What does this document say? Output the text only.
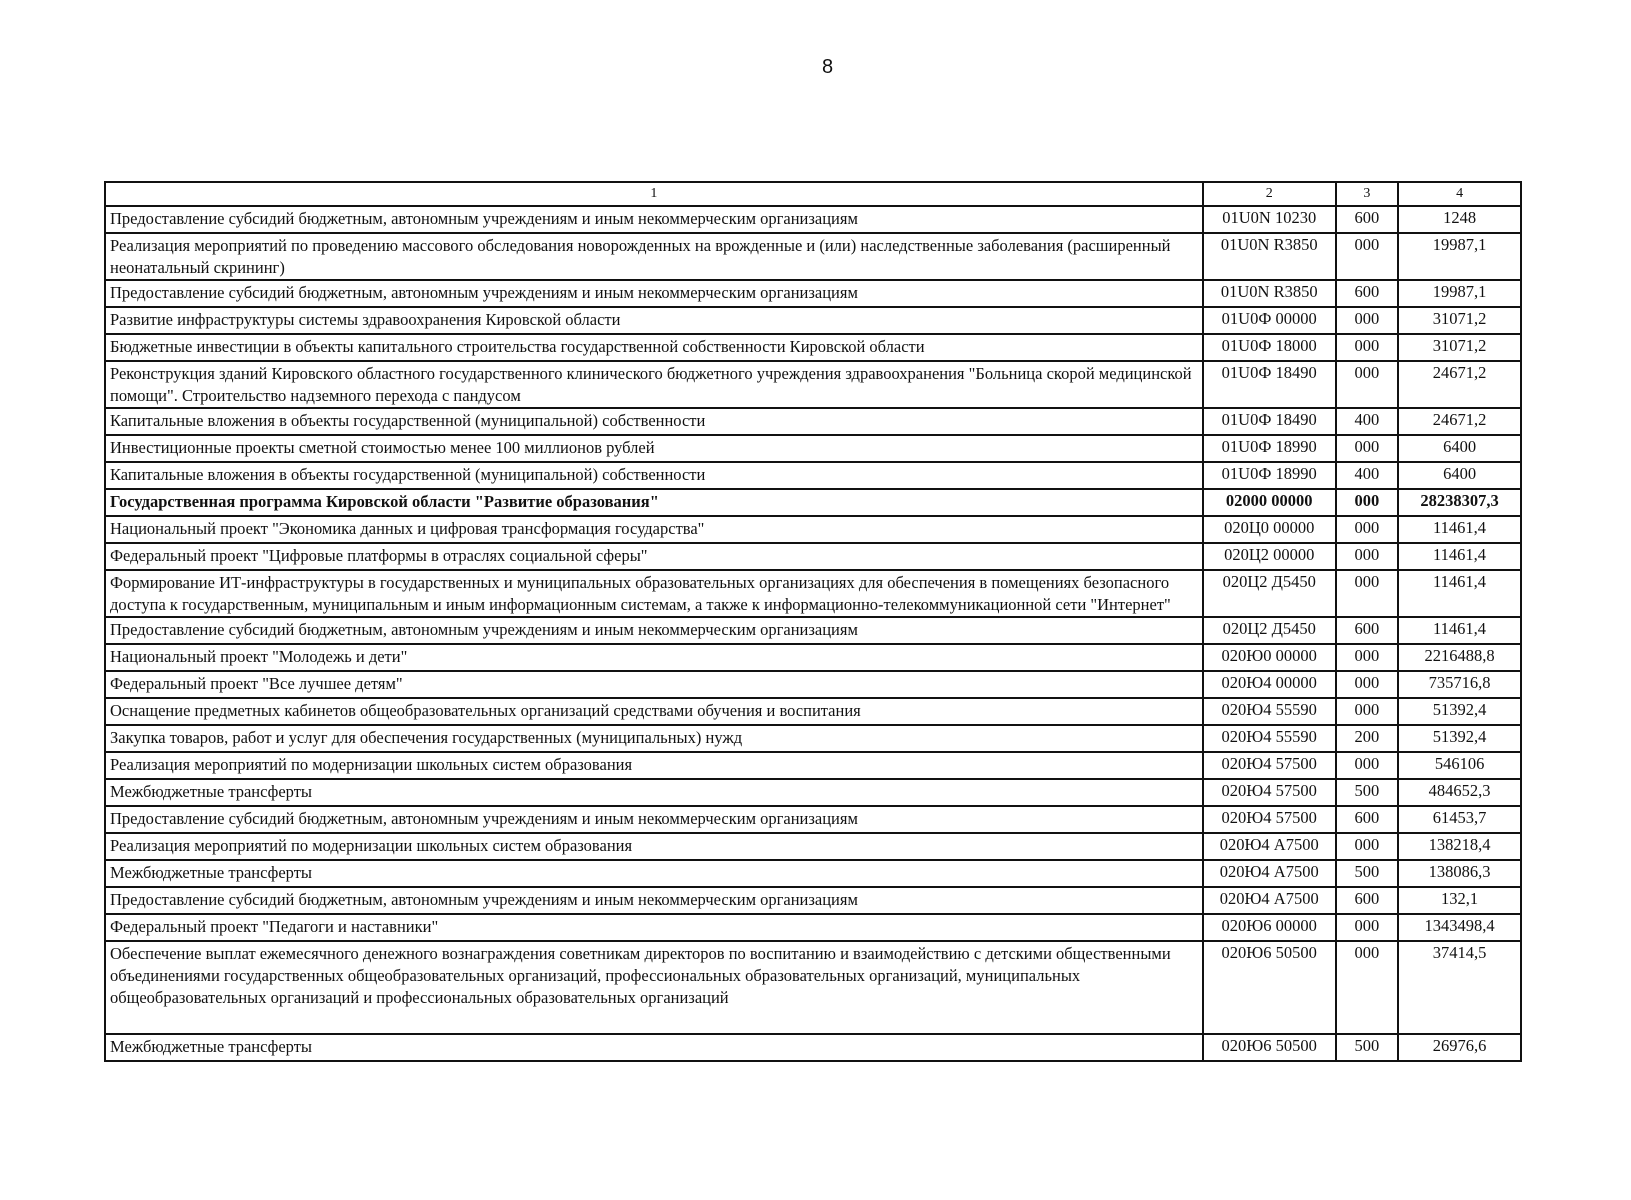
8
1	2	3	4
Предоставление субсидий бюджетным, автономным учреждениям и иным некоммерческим организациям	01U0N 10230	600	1248
Реализация мероприятий по проведению массового обследования новорожденных на врожденные и (или) наследственные заболевания (расширенный неонатальный скрининг)	01U0N R3850	000	19987,1
Предоставление субсидий бюджетным, автономным учреждениям и иным некоммерческим организациям	01U0N R3850	600	19987,1
Развитие инфраструктуры системы здравоохранения Кировской области	01U0Ф 00000	000	31071,2
Бюджетные инвестиции в объекты капитального строительства государственной собственности Кировской области	01U0Ф 18000	000	31071,2
Реконструкция зданий Кировского областного государственного клинического бюджетного учреждения здравоохранения "Больница скорой медицинской помощи". Строительство надземного перехода с пандусом	01U0Ф 18490	000	24671,2
Капитальные вложения в объекты государственной (муниципальной) собственности	01U0Ф 18490	400	24671,2
Инвестиционные проекты сметной стоимостью менее 100 миллионов рублей	01U0Ф 18990	000	6400
Капитальные вложения в объекты государственной (муниципальной) собственности	01U0Ф 18990	400	6400
Государственная программа Кировской области "Развитие образования"	02000 00000	000	28238307,3
Национальный проект "Экономика данных и цифровая трансформация государства"	020Ц0 00000	000	11461,4
Федеральный проект "Цифровые платформы в отраслях социальной сферы"	020Ц2 00000	000	11461,4
Формирование ИТ-инфраструктуры в государственных и муниципальных образовательных организациях для обеспечения в помещениях безопасного доступа к государственным, муниципальным и иным информационным системам, а также к информационно-телекоммуникационной сети "Интернет"	020Ц2 Д5450	000	11461,4
Предоставление субсидий бюджетным, автономным учреждениям и иным некоммерческим организациям	020Ц2 Д5450	600	11461,4
Национальный проект "Молодежь и дети"	020Ю0 00000	000	2216488,8
Федеральный проект "Все лучшее детям"	020Ю4 00000	000	735716,8
Оснащение предметных кабинетов общеобразовательных организаций средствами обучения и воспитания	020Ю4 55590	000	51392,4
Закупка товаров, работ и услуг для обеспечения государственных (муниципальных) нужд	020Ю4 55590	200	51392,4
Реализация мероприятий по модернизации школьных систем образования	020Ю4 57500	000	546106
Межбюджетные трансферты	020Ю4 57500	500	484652,3
Предоставление субсидий бюджетным, автономным учреждениям и иным некоммерческим организациям	020Ю4 57500	600	61453,7
Реализация мероприятий по модернизации школьных систем образования	020Ю4 А7500	000	138218,4
Межбюджетные трансферты	020Ю4 А7500	500	138086,3
Предоставление субсидий бюджетным, автономным учреждениям и иным некоммерческим организациям	020Ю4 А7500	600	132,1
Федеральный проект "Педагоги и наставники"	020Ю6 00000	000	1343498,4
Обеспечение выплат ежемесячного денежного вознаграждения советникам директоров по воспитанию и взаимодействию с детскими общественными объединениями государственных общеобразовательных организаций, профессиональных образовательных организаций, муниципальных общеобразовательных организаций и профессиональных образовательных организаций	020Ю6 50500	000	37414,5
Межбюджетные трансферты	020Ю6 50500	500	26976,6
